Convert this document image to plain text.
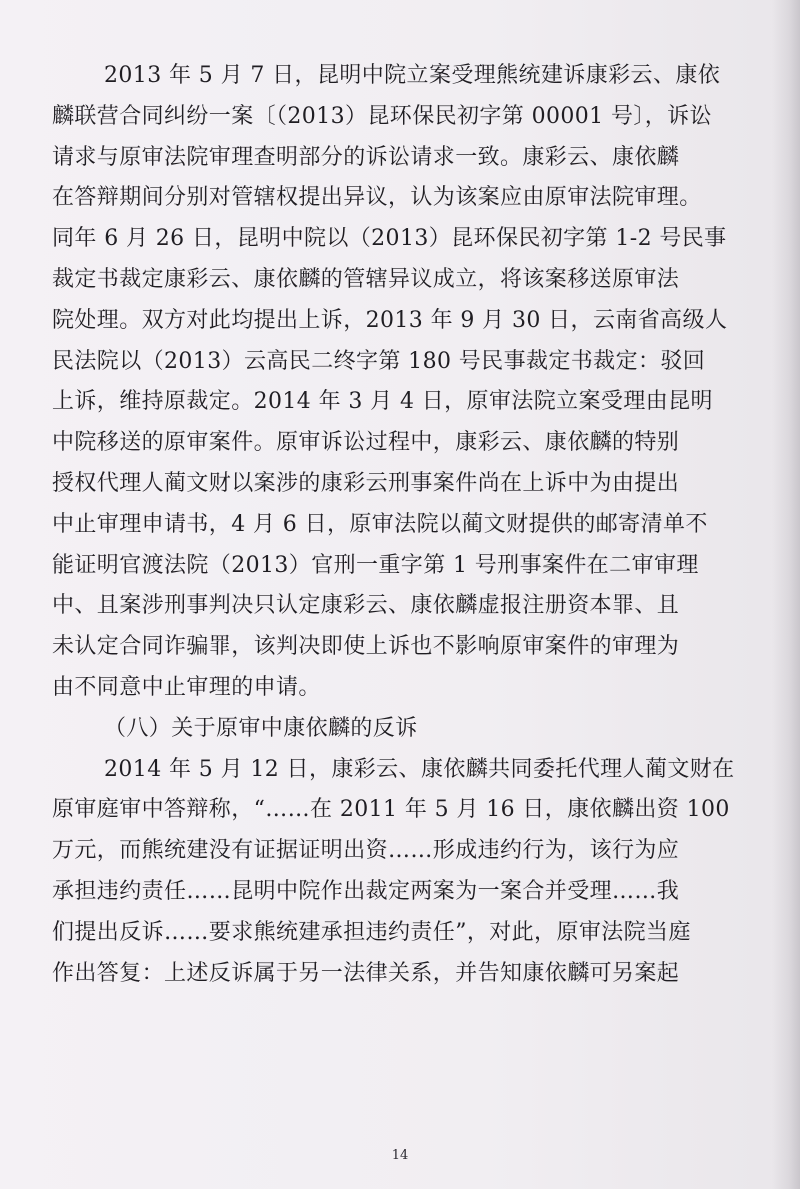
2013 年 5 月 7 日，昆明中院立案受理熊统建诉康彩云、康依
麟联营合同纠纷一案〔（2013）昆环保民初字第 00001 号〕，诉讼
请求与原审法院审理查明部分的诉讼请求一致。康彩云、康依麟
在答辩期间分别对管辖权提出异议，认为该案应由原审法院审理。
同年 6 月 26 日，昆明中院以（2013）昆环保民初字第 1-2 号民事
裁定书裁定康彩云、康依麟的管辖异议成立，将该案移送原审法
院处理。双方对此均提出上诉，2013 年 9 月 30 日，云南省高级人
民法院以（2013）云高民二终字第 180 号民事裁定书裁定：驳回
上诉，维持原裁定。2014 年 3 月 4 日，原审法院立案受理由昆明
中院移送的原审案件。原审诉讼过程中，康彩云、康依麟的特别
授权代理人蔺文财以案涉的康彩云刑事案件尚在上诉中为由提出
中止审理申请书，4 月 6 日，原审法院以蔺文财提供的邮寄清单不
能证明官渡法院（2013）官刑一重字第 1 号刑事案件在二审审理
中、且案涉刑事判决只认定康彩云、康依麟虚报注册资本罪、且
未认定合同诈骗罪，该判决即使上诉也不影响原审案件的审理为
由不同意中止审理的申请。
（八）关于原审中康依麟的反诉
2014 年 5 月 12 日，康彩云、康依麟共同委托代理人蔺文财在
原审庭审中答辩称，“……在 2011 年 5 月 16 日，康依麟出资 100
万元，而熊统建没有证据证明出资……形成违约行为，该行为应
承担违约责任……昆明中院作出裁定两案为一案合并受理……我
们提出反诉……要求熊统建承担违约责任”，对此，原审法院当庭
作出答复：上述反诉属于另一法律关系，并告知康依麟可另案起
14
